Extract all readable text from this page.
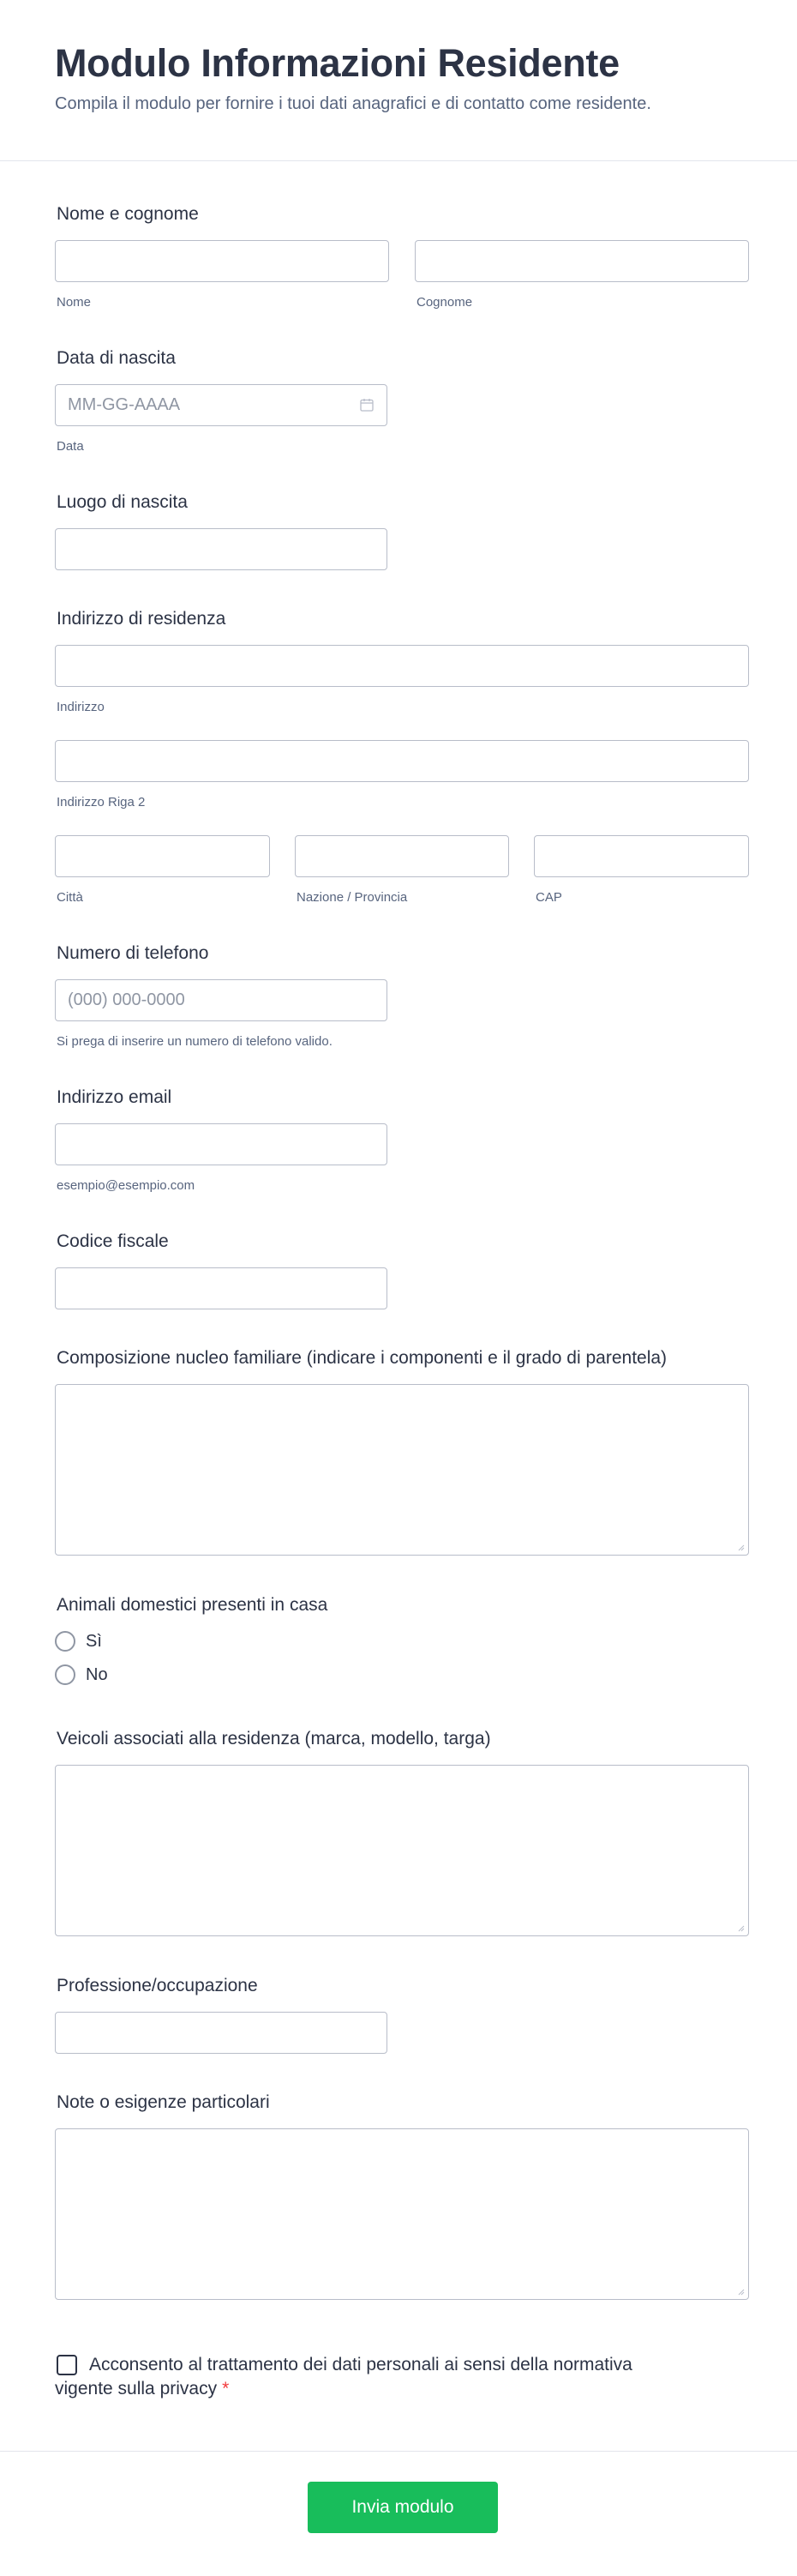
Modulo Informazioni Residente

Compila il modulo per fornire i tuoi dati anagrafici e di contatto come residente.

Nome e cognome
Nome	Cognome
Data di nascita
MM-GG-AAAA
Data
Luogo di nascita
Indirizzo di residenza
Indirizzo
Indirizzo Riga 2
Città	Nazione / Provincia	CAP
Numero di telefono
(000) 000-0000
Si prega di inserire un numero di telefono valido.
Indirizzo email
esempio@esempio.com
Codice fiscale
Composizione nucleo familiare (indicare i componenti e il grado di parentela)
Animali domestici presenti in casa
Sì
No
Veicoli associati alla residenza (marca, modello, targa)
Professione/occupazione
Note o esigenze particolari
Acconsento al trattamento dei dati personali ai sensi della normativa vigente sulla privacy *
Invia modulo
